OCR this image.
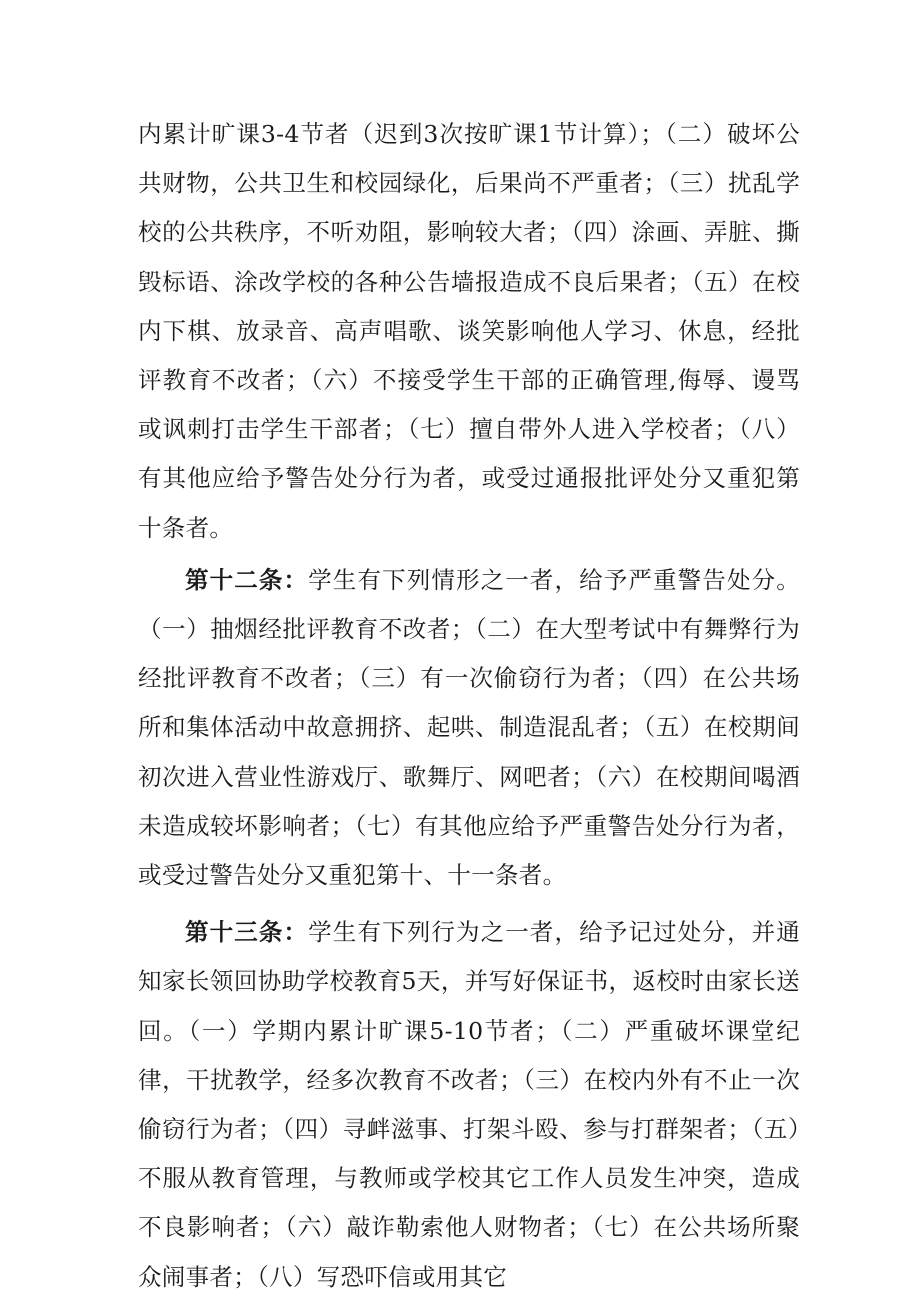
内累计旷课3-4节者（迟到3次按旷课1节计算）；（二）破坏公共财物，公共卫生和校园绿化，后果尚不严重者；（三）扰乱学校的公共秩序，不听劝阻，影响较大者；（四）涂画、弄脏、撕毁标语、涂改学校的各种公告墙报造成不良后果者；（五）在校内下棋、放录音、高声唱歌、谈笑影响他人学习、休息，经批评教育不改者；（六）不接受学生干部的正确管理,侮辱、谩骂或讽刺打击学生干部者；（七）擅自带外人进入学校者；（八）有其他应给予警告处分行为者，或受过通报批评处分又重犯第十条者。

第十二条：学生有下列情形之一者，给予严重警告处分。（一）抽烟经批评教育不改者；（二）在大型考试中有舞弊行为经批评教育不改者；（三）有一次偷窃行为者；（四）在公共场所和集体活动中故意拥挤、起哄、制造混乱者；（五）在校期间初次进入营业性游戏厅、歌舞厅、网吧者；（六）在校期间喝酒未造成较坏影响者；（七）有其他应给予严重警告处分行为者，或受过警告处分又重犯第十、十一条者。

第十三条：学生有下列行为之一者，给予记过处分，并通知家长领回协助学校教育5天，并写好保证书，返校时由家长送回。（一）学期内累计旷课5-10节者；（二）严重破坏课堂纪律，干扰教学，经多次教育不改者；（三）在校内外有不止一次偷窃行为者；（四）寻衅滋事、打架斗殴、参与打群架者；（五）不服从教育管理，与教师或学校其它工作人员发生冲突，造成不良影响者；（六）敲诈勒索他人财物者；（七）在公共场所聚众闹事者；（八）写恐吓信或用其它
